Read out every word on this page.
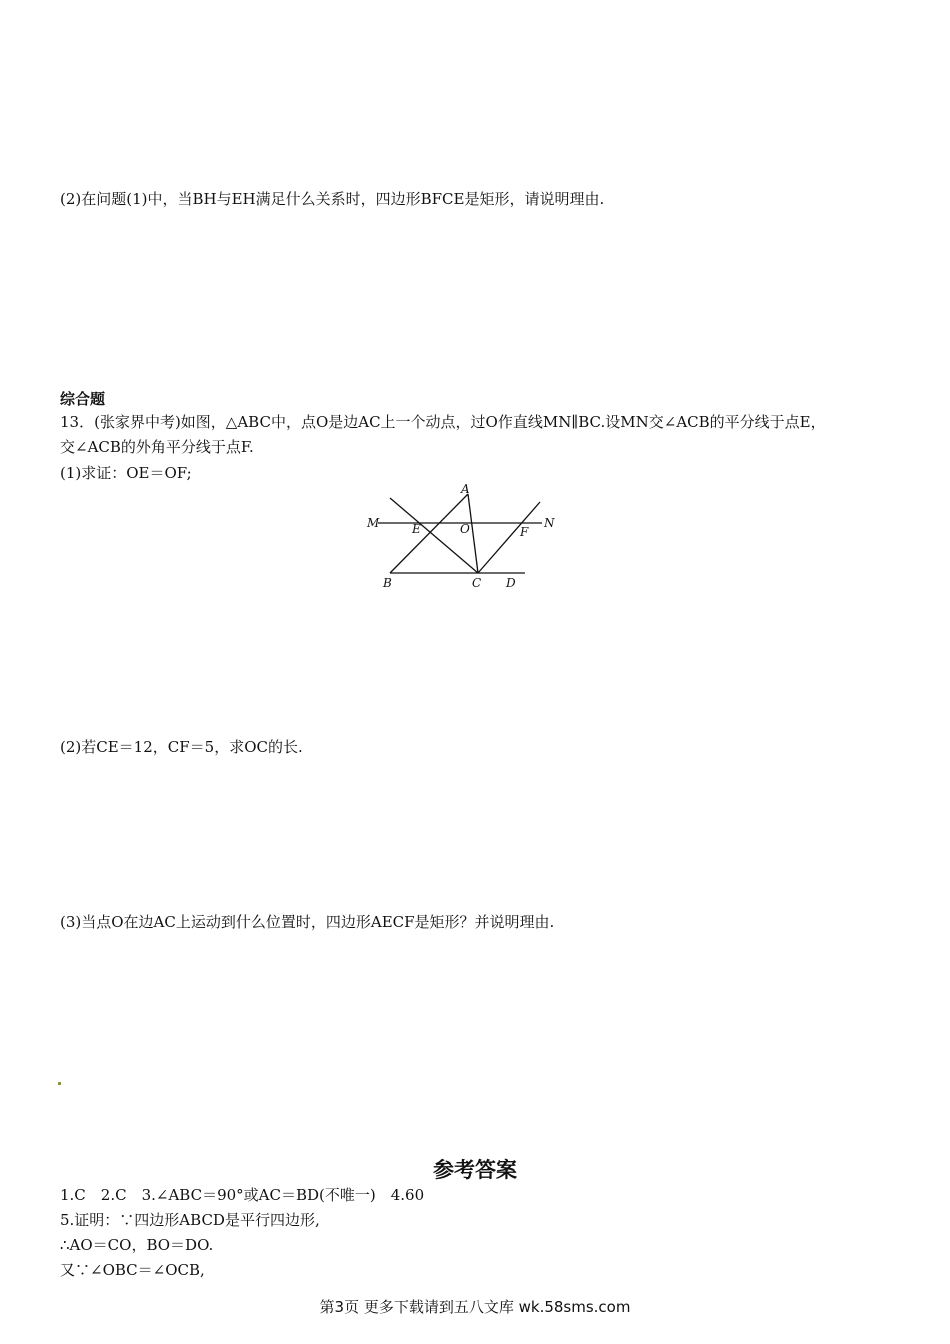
(2)在问题(1)中，当BH与EH满足什么关系时，四边形BFCE是矩形，请说明理由.
综合题
13．(张家界中考)如图，△ABC中，点O是边AC上一个动点，过O作直线MN∥BC.设MN交∠ACB的平分线于点E，
交∠ACB的外角平分线于点F.
(1)求证：OE＝OF;
A
M	E	O	F
N
B	C D
(2)若CE＝12，CF＝5，求OC的长.
(3)当点O在边AC上运动到什么位置时，四边形AECF是矩形？并说明理由.
参考答案
1.C　2.C　3.∠ABC＝90°或AC＝BD(不唯一)　4.60
5.证明：∵四边形ABCD是平行四边形,
∴AO＝CO，BO＝DO.
又∵∠OBC＝∠OCB,
第3页 更多下载请到五八文库 wk.58sms.com
